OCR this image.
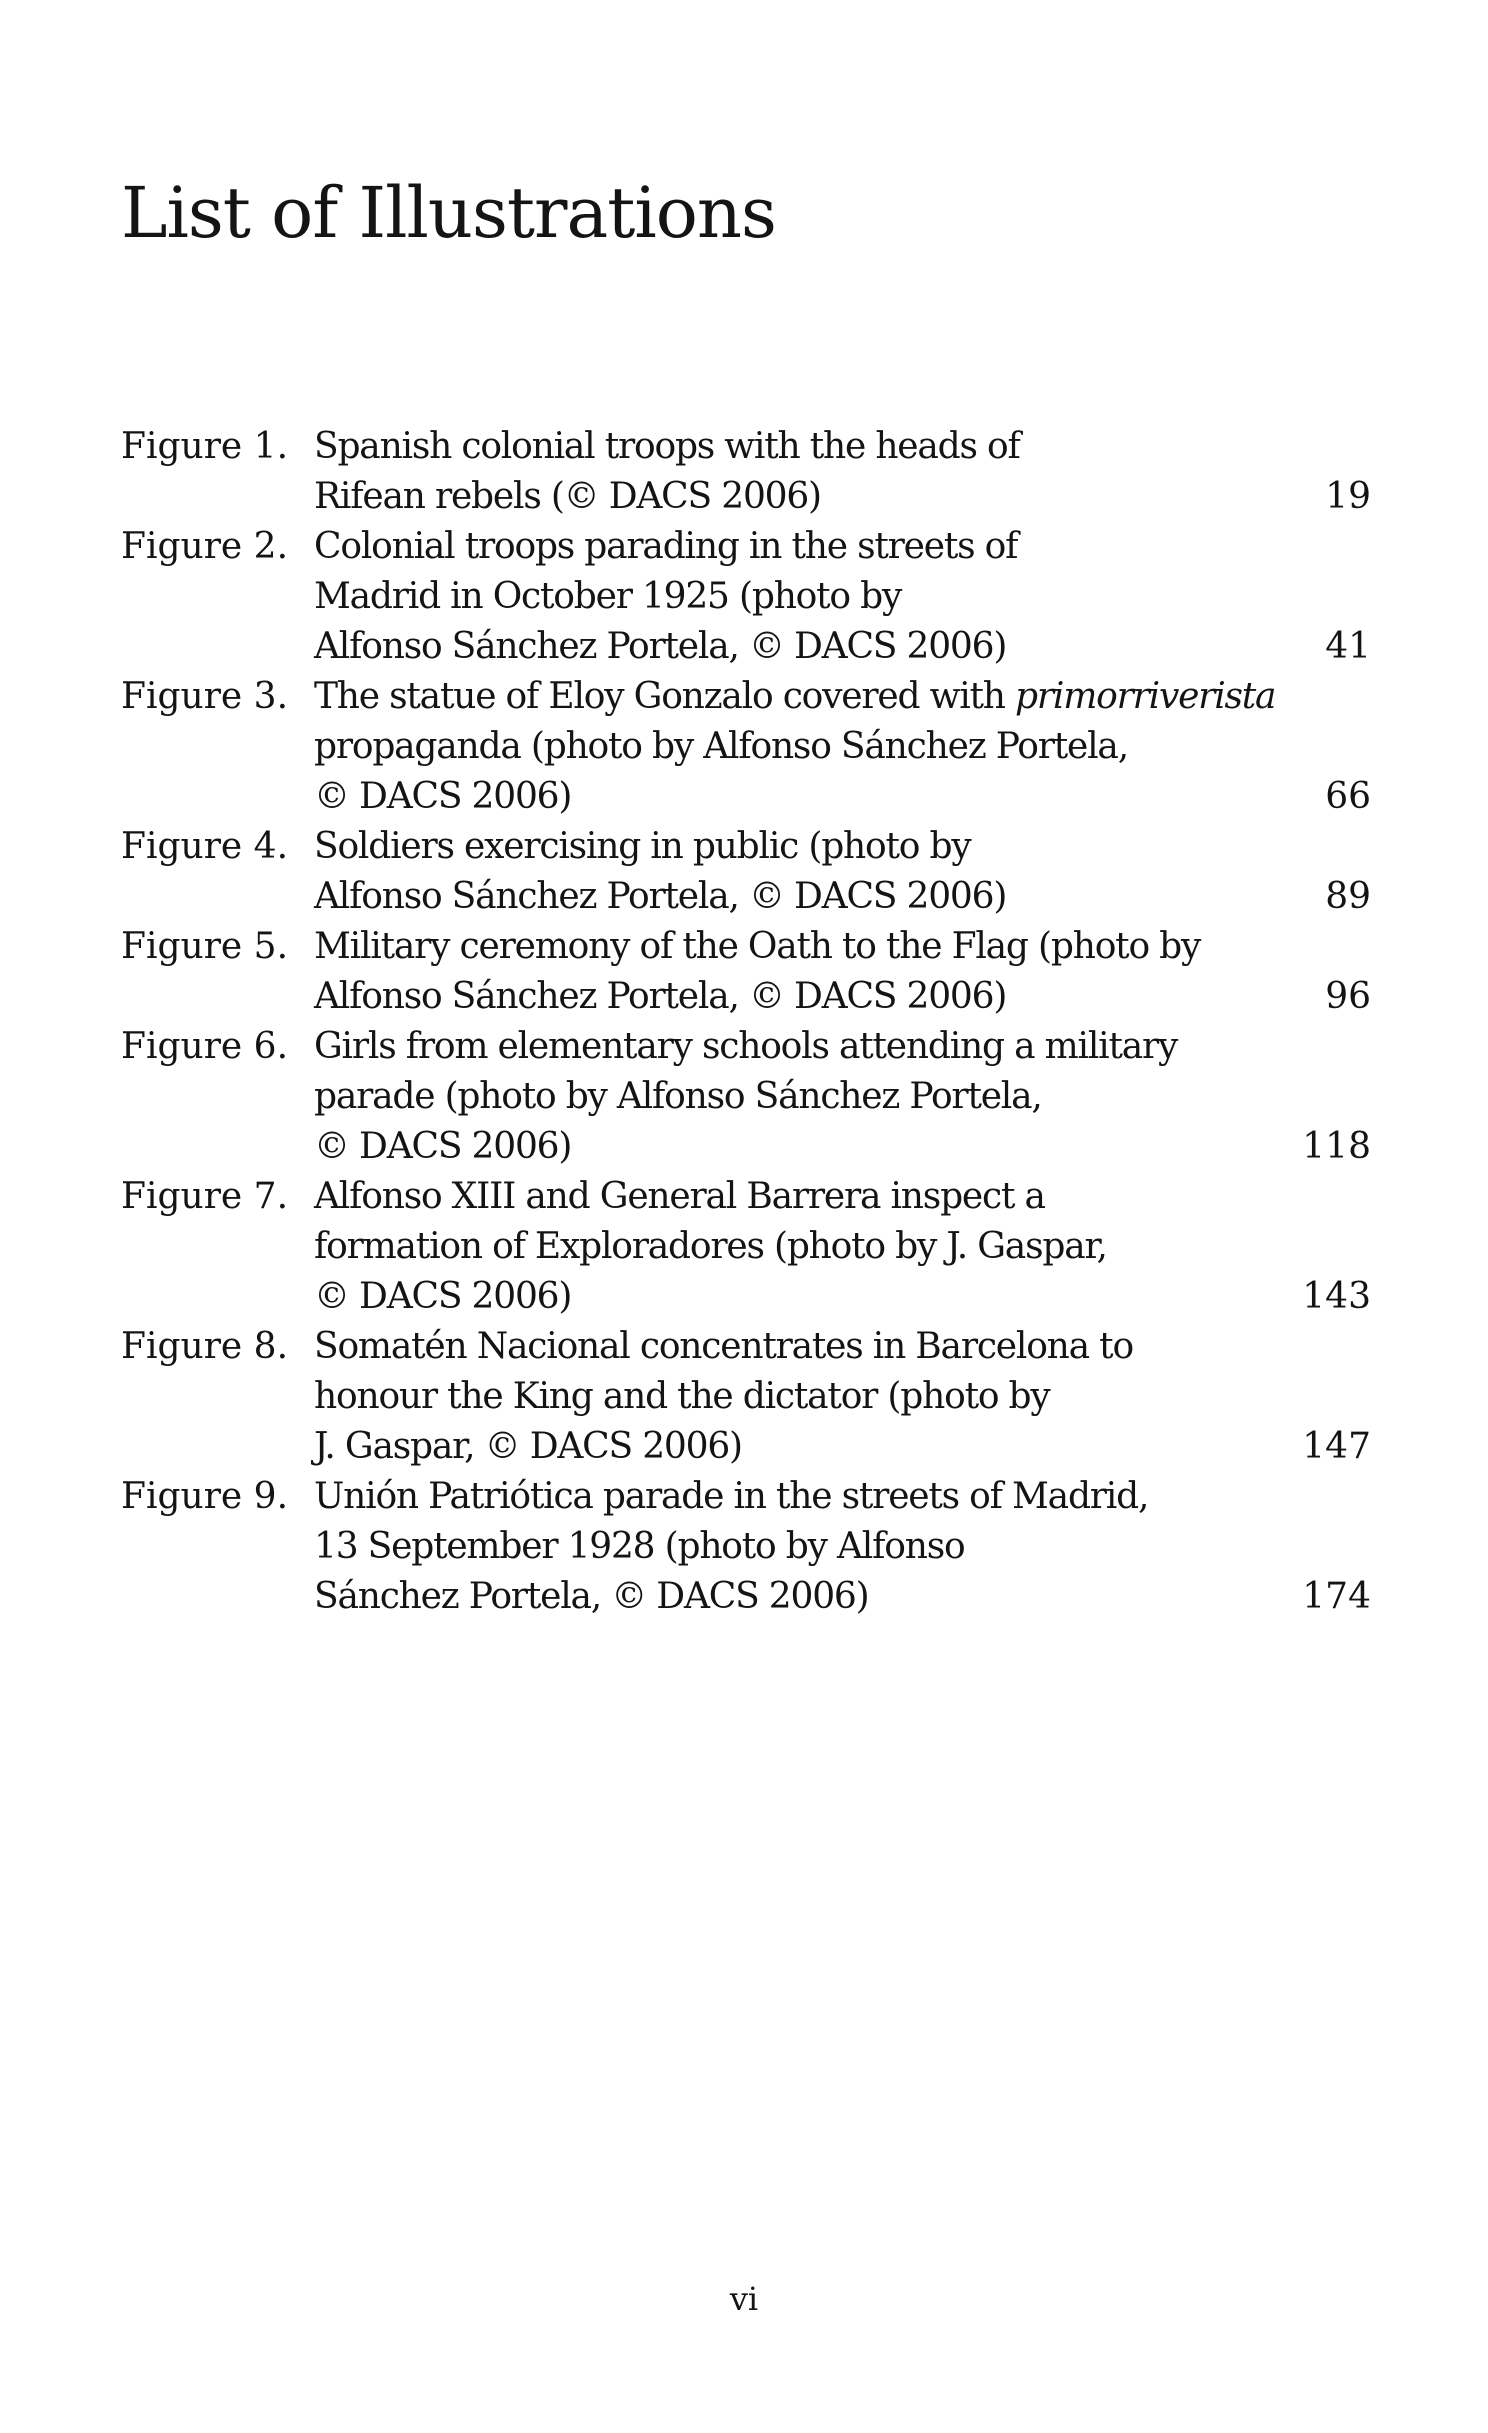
List of Illustrations
Figure 1. Spanish colonial troops with the heads of
Rifean rebels (© DACS 2006)	19
Figure 2. Colonial troops parading in the streets of
Madrid in October 1925 (photo by
Alfonso Sánchez Portela, © DACS 2006)	41
Figure 3. The statue of Eloy Gonzalo covered with primorriverista
propaganda (photo by Alfonso Sánchez Portela,
© DACS 2006)	66
Figure 4. Soldiers exercising in public (photo by
Alfonso Sánchez Portela, © DACS 2006)	89
Figure 5. Military ceremony of the Oath to the Flag (photo by
Alfonso Sánchez Portela, © DACS 2006)	96
Figure 6. Girls from elementary schools attending a military
parade (photo by Alfonso Sánchez Portela,
© DACS 2006)	118
Figure 7. Alfonso XIII and General Barrera inspect a
formation of Exploradores (photo by J. Gaspar,
© DACS 2006)	143
Figure 8. Somatén Nacional concentrates in Barcelona to
honour the King and the dictator (photo by
J. Gaspar, © DACS 2006)	147
Figure 9. Unión Patriótica parade in the streets of Madrid,
13 September 1928 (photo by Alfonso
Sánchez Portela, © DACS 2006)	174
vi
